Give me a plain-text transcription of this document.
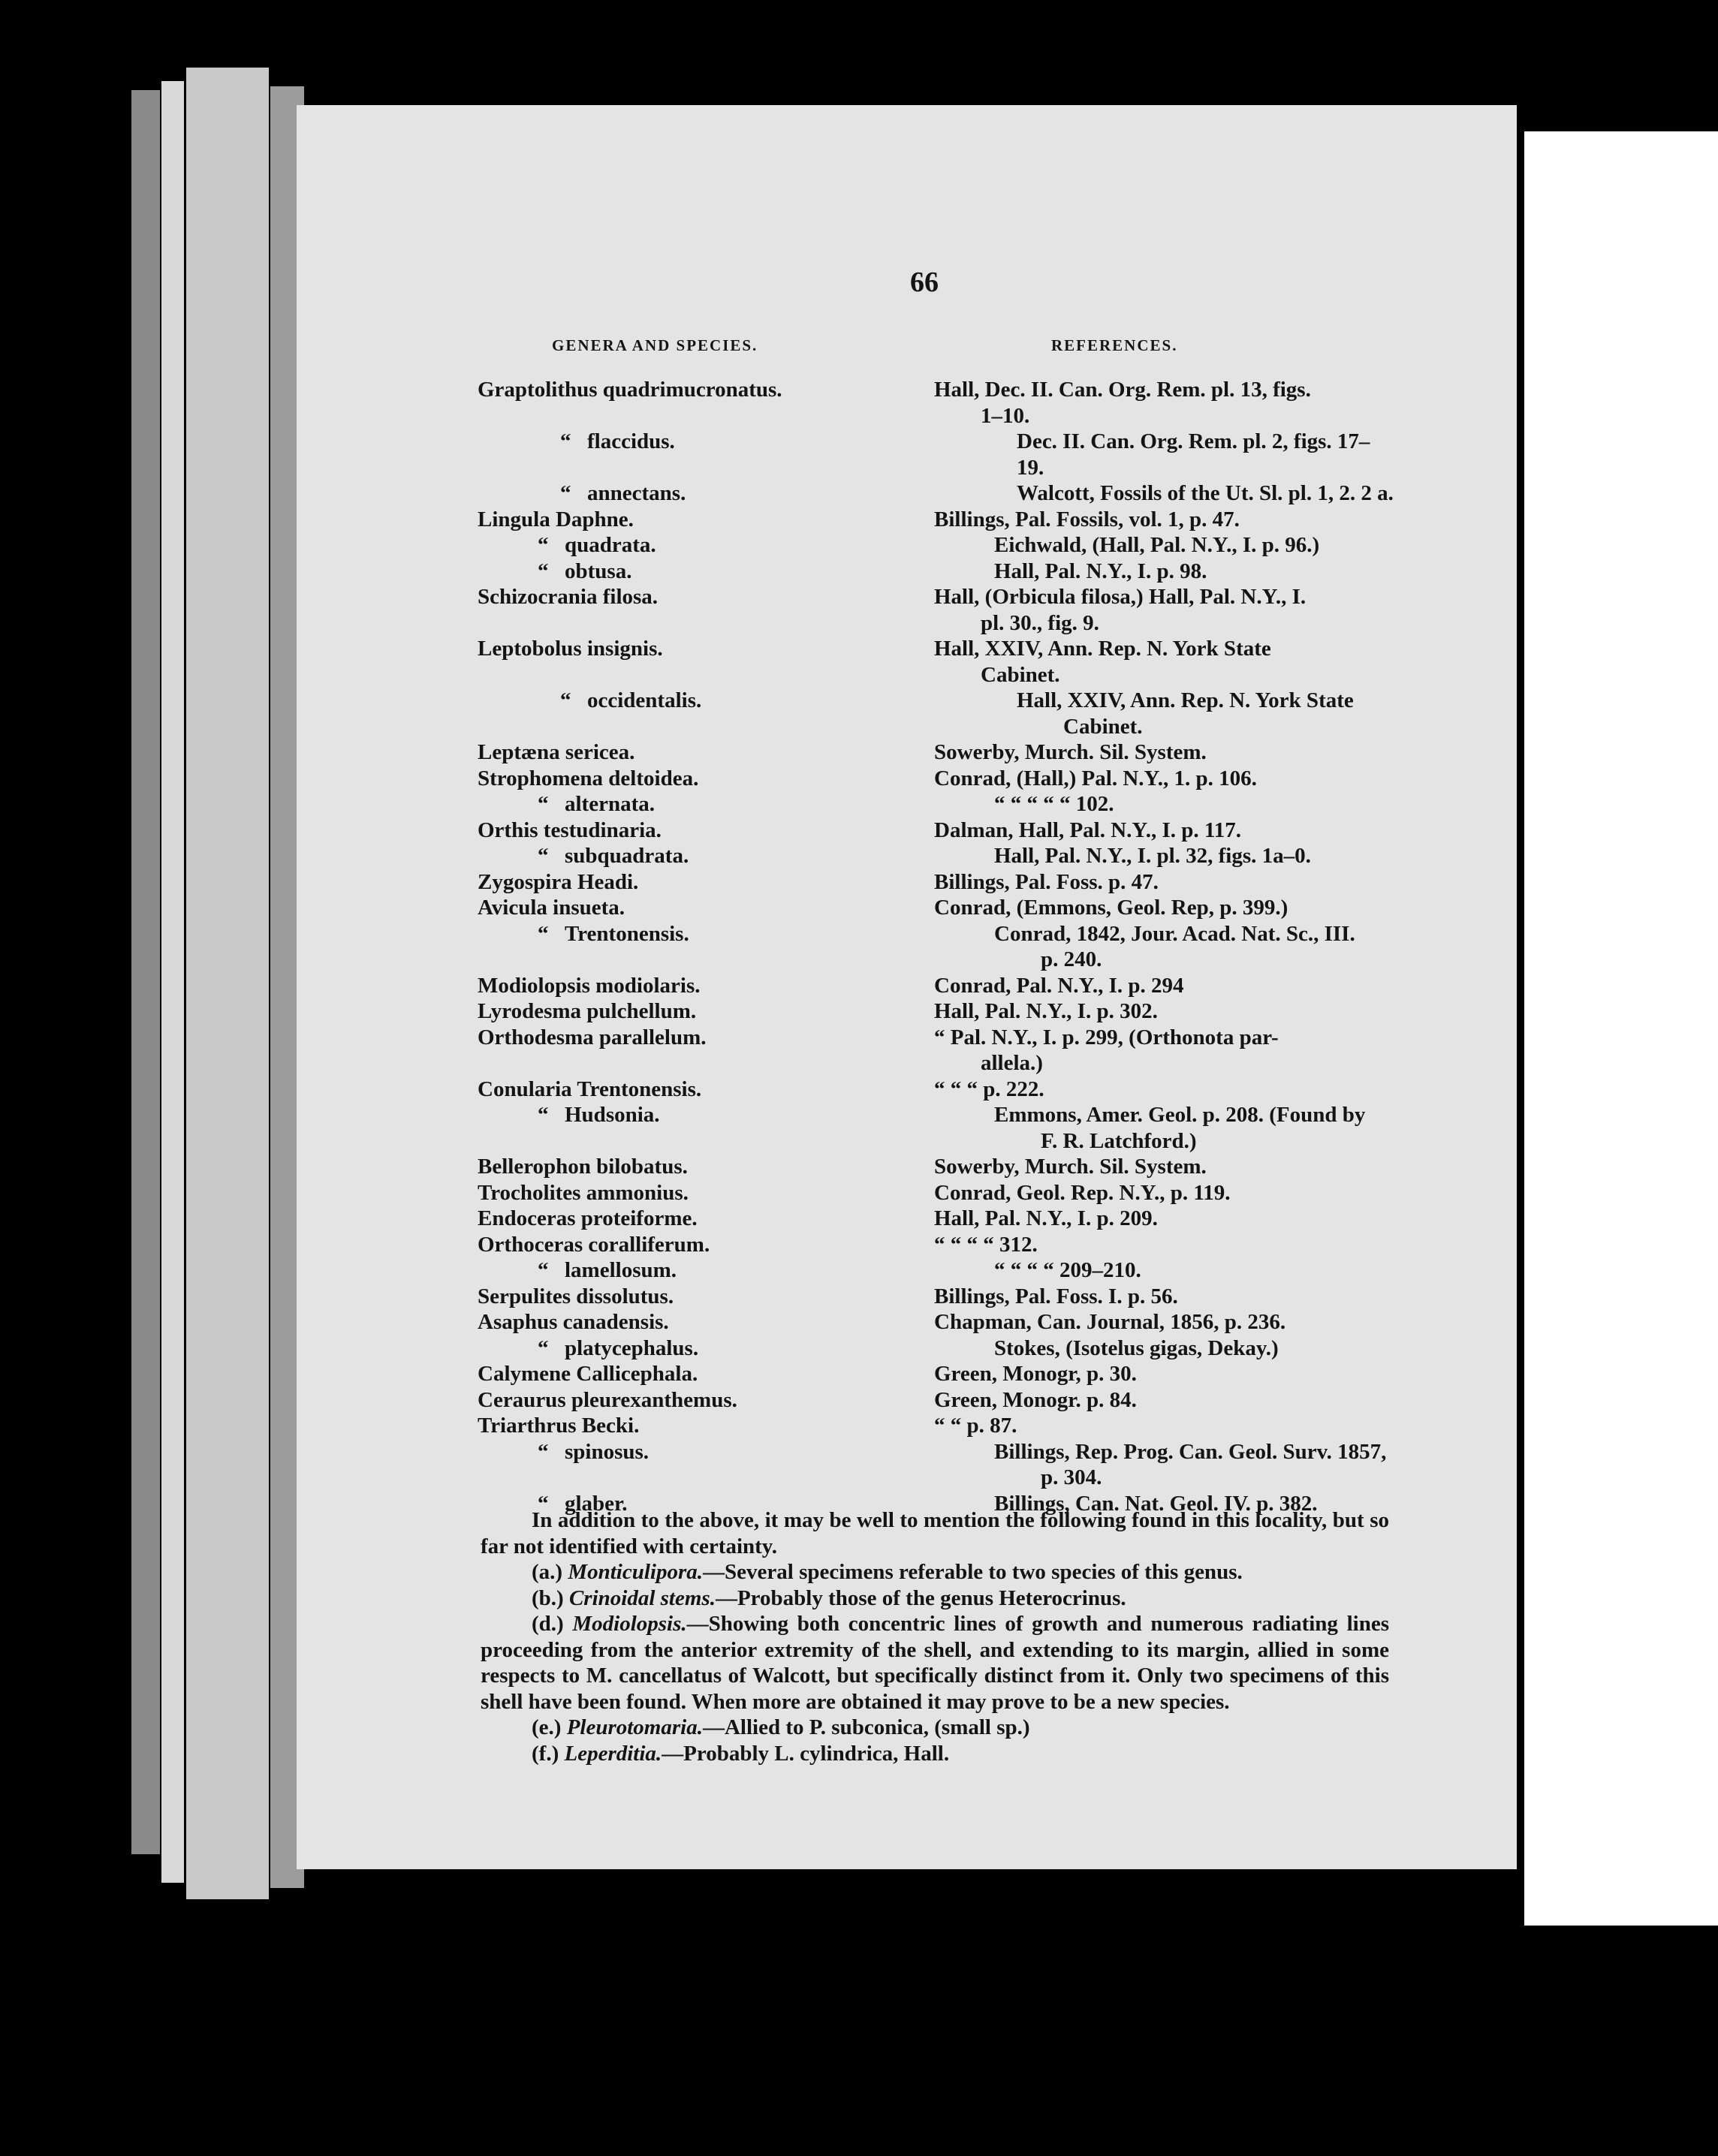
66
GENERA AND SPECIES.	REFERENCES.
Graptolithus quadrimucronatus.	Hall, Dec. II. Can. Org. Rem. pl. 13, figs.
1–10.
“ flaccidus.	Dec. II. Can. Org. Rem. pl. 2, figs. 17–19.
“ annectans.	Walcott, Fossils of the Ut. Sl. pl. 1, 2. 2 a.
Lingula Daphne.	Billings, Pal. Fossils, vol. 1, p. 47.
“ quadrata.	Eichwald, (Hall, Pal. N.Y., I. p. 96.)
“ obtusa.	Hall, Pal. N.Y., I. p. 98.
Schizocrania filosa.	Hall, (Orbicula filosa,) Hall, Pal. N.Y., I.
pl. 30., fig. 9.
Leptobolus insignis.	Hall, XXIV, Ann. Rep. N. York State
Cabinet.
“ occidentalis.	Hall, XXIV, Ann. Rep. N. York State
Cabinet.
Leptæna sericea.	Sowerby, Murch. Sil. System.
Strophomena deltoidea.	Conrad, (Hall,) Pal. N.Y., 1. p. 106.
“ alternata.	“ “ “ “ “ 102.
Orthis testudinaria.	Dalman, Hall, Pal. N.Y., I. p. 117.
“ subquadrata.	Hall, Pal. N.Y., I. pl. 32, figs. 1a–0.
Zygospira Headi.	Billings, Pal. Foss. p. 47.
Avicula insueta.	Conrad, (Emmons, Geol. Rep, p. 399.)
“ Trentonensis.	Conrad, 1842, Jour. Acad. Nat. Sc., III.
p. 240.
Modiolopsis modiolaris.	Conrad, Pal. N.Y., I. p. 294
Lyrodesma pulchellum.	Hall, Pal. N.Y., I. p. 302.
Orthodesma parallelum.	“ Pal. N.Y., I. p. 299, (Orthonota par-
allela.)
Conularia Trentonensis.	“ “ “ p. 222.
“ Hudsonia.	Emmons, Amer. Geol. p. 208. (Found by
F. R. Latchford.)
Bellerophon bilobatus.	Sowerby, Murch. Sil. System.
Trocholites ammonius.	Conrad, Geol. Rep. N.Y., p. 119.
Endoceras proteiforme.	Hall, Pal. N.Y., I. p. 209.
Orthoceras coralliferum.	“ “ “ “ 312.
“ lamellosum.	“ “ “ “ 209–210.
Serpulites dissolutus.	Billings, Pal. Foss. I. p. 56.
Asaphus canadensis.	Chapman, Can. Journal, 1856, p. 236.
“ platycephalus.	Stokes, (Isotelus gigas, Dekay.)
Calymene Callicephala.	Green, Monogr, p. 30.
Ceraurus pleurexanthemus.	Green, Monogr. p. 84.
Triarthrus Becki.	“ “ p. 87.
“ spinosus.	Billings, Rep. Prog. Can. Geol. Surv. 1857,
p. 304.
“ glaber.	Billings, Can. Nat. Geol. IV. p. 382.

In addition to the above, it may be well to mention the following found in this locality, but so far not identified with certainty.

(a.) Monticulipora.—Several specimens referable to two species of this genus.

(b.) Crinoidal stems.—Probably those of the genus Heterocrinus.

(d.) Modiolopsis.—Showing both concentric lines of growth and numerous radiating lines proceeding from the anterior extremity of the shell, and extending to its margin, allied in some respects to M. cancellatus of Walcott, but specifically distinct from it. Only two specimens of this shell have been found. When more are obtained it may prove to be a new species.

(e.) Pleurotomaria.—Allied to P. subconica, (small sp.)

(f.) Leperditia.—Probably L. cylindrica, Hall.
